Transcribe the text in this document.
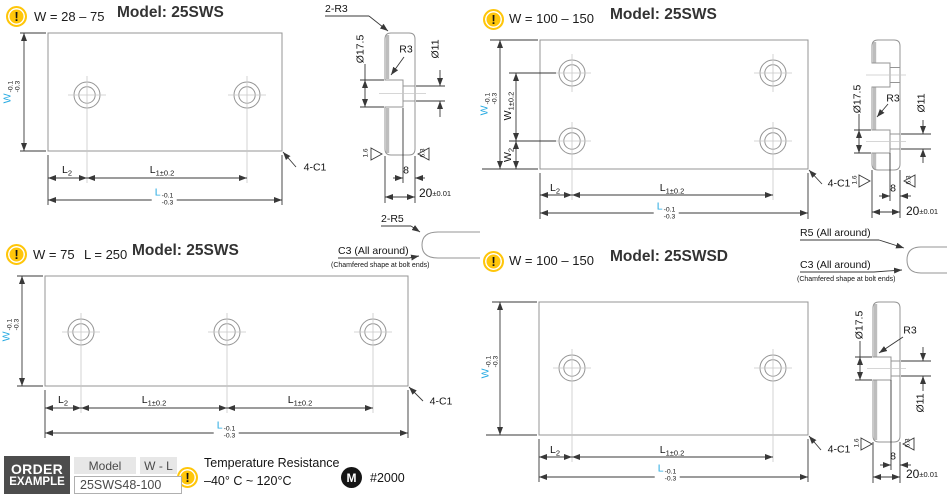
!	!
!	!
!
W = 28 – 75 Model: 25SWS	W = 100 – 150 Model: 25SWS
W = 75 L = 250 Model: 25SWS
W = 100 – 150 Model: 25SWSD
W
-0.1 -0.3
$L_2$	$L_{1\pm 0.2}$
L -0.1
-0.3
4-C1
2-R3
Ø17.5	R3 Ø11
1.6	6.3
8
20±0.01
2-R5
C3 (All around)
(Chamfered shape at bolt ends)
W
-0.1 -0.3
$W_{1\pm 0.2}$
$W_2$
$L_2$	$L_{1\pm 0.2}$
L -0.1
-0.3
4-C1
Ø17.5 R3 Ø11
1.6	6.3
8
20±0.01
R5 (All around)
C3 (All around)
(Chamfered shape at bolt ends)
W
-0.1 -0.3
$L_2$	$L_{1\pm 0.2}$	$L_{1\pm 0.2}$
L -0.1
-0.3
4-C1
W
-0.1 -0.3
$L_2$	$L_{1\pm 0.2}$
L -0.1
-0.3
4-C1
Ø17.5	R3
Ø11
1.6	6.3
8
20±0.01
ORDER
EXAMPLE
Model	W - L
25SWS48-100
Temperature Resistance
–40° C ~ 120°C	M	#2000
